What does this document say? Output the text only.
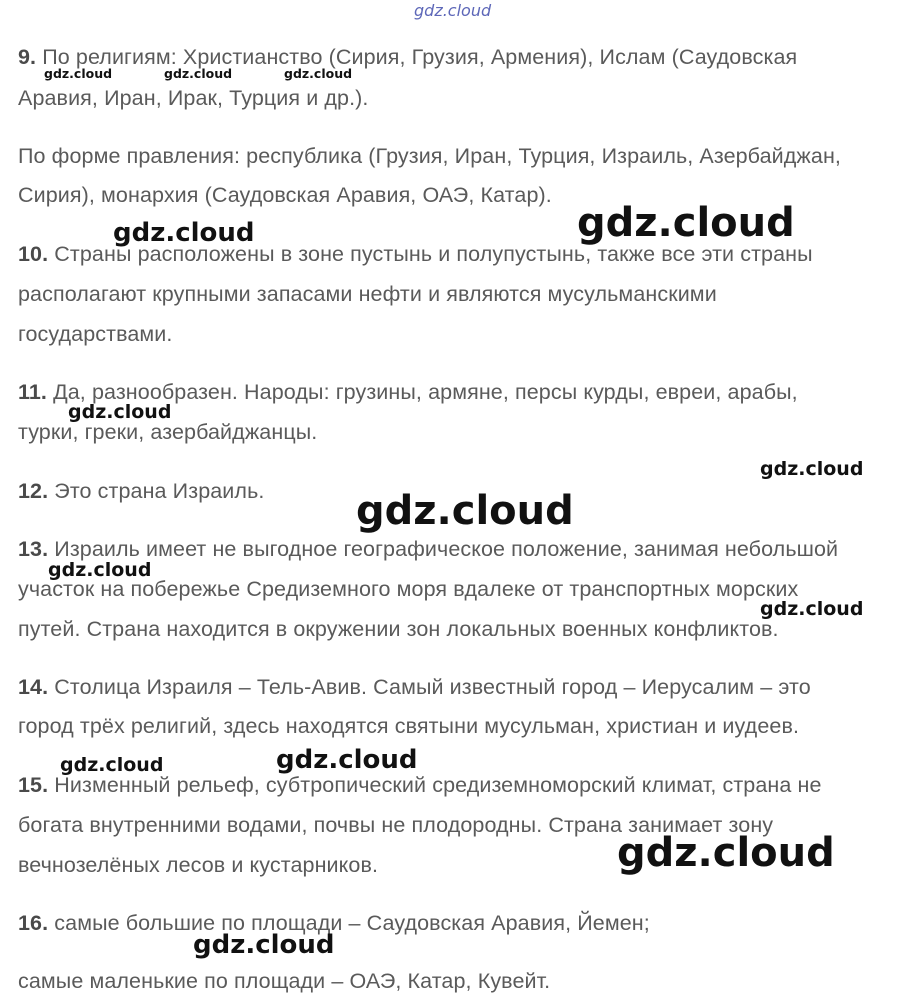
gdz.cloud
9. По религиям: Христианство (Сирия, Грузия, Армения), Ислам (Саудовская
Аравия, Иран, Ирак, Турция и др.).
По форме правления: республика (Грузия, Иран, Турция, Израиль, Азербайджан,
Сирия), монархия (Саудовская Аравия, ОАЭ, Катар).
10. Страны расположены в зоне пустынь и полупустынь, также все эти страны
располагают крупными запасами нефти и являются мусульманскими
государствами.
11. Да, разнообразен. Народы: грузины, армяне, персы курды, евреи, арабы,
турки, греки, азербайджанцы.
12. Это страна Израиль.
13. Израиль имеет не выгодное географическое положение, занимая небольшой
участок на побережье Средиземного моря вдалеке от транспортных морских
путей. Страна находится в окружении зон локальных военных конфликтов.
14. Столица Израиля – Тель-Авив. Самый известный город – Иерусалим – это
город трёх религий, здесь находятся святыни мусульман, христиан и иудеев.
15. Низменный рельеф, субтропический средиземноморский климат, страна не
богата внутренними водами, почвы не плодородны. Страна занимает зону
вечнозелёных лесов и кустарников.
16. самые большие по площади – Саудовская Аравия, Йемен;
самые маленькие по площади – ОАЭ, Катар, Кувейт.
gdz.cloud	gdz.cloud	gdz.cloud
gdz.cloud	gdz.cloud
gdz.cloud
gdz.cloud
gdz.cloud
gdz.cloud
gdz.cloud
gdz.cloud	gdz.cloud
gdz.cloud
gdz.cloud
